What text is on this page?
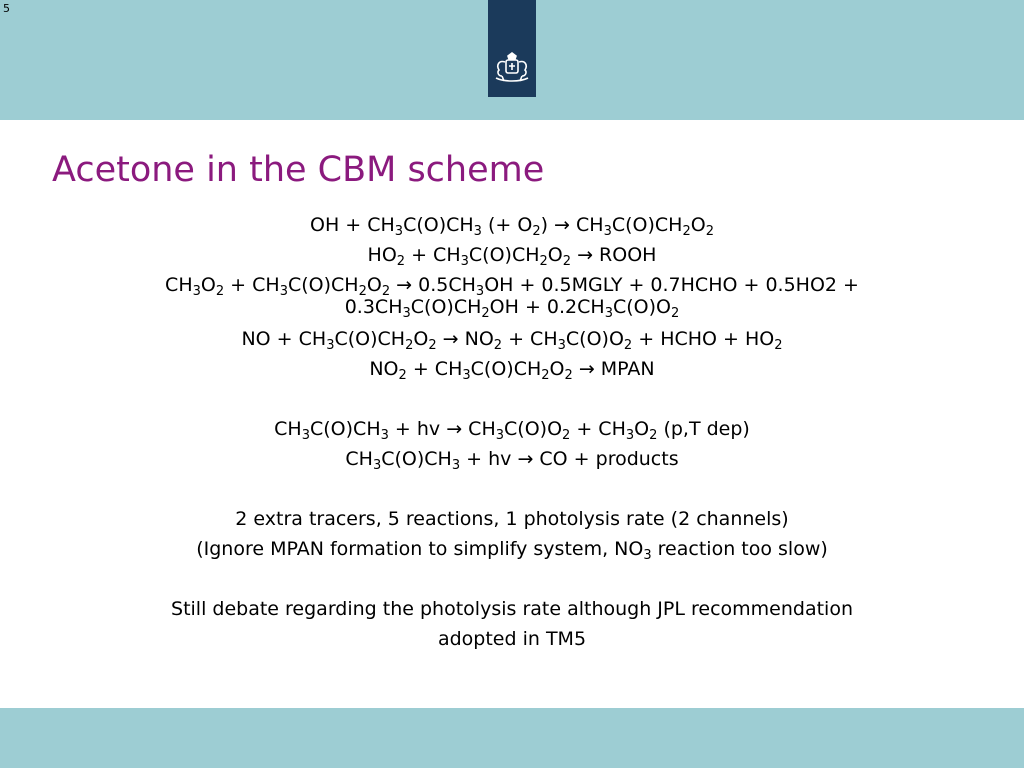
5
Acetone in the CBM scheme
OH + $CH_3C(O)CH_3$ (+ $O_2) \to CH_3C(O)CH_2O_2$
$HO_2 + CH_3C(O)CH_2O_2$ → ROOH
$CH_3O_2 + CH_3C(O)CH_2O_2 \to 0.5CH_3OH$ + 0.5MGLY + 0.7HCHO + 0.5HO2 +
$0.3CH_3C(O)CH_2OH + 0.2CH_3C(O)O_2$
NO + $CH_3C(O)CH_2O_2 \to NO_2 + CH_3C(O)O_2$ + HCHO + $HO_2$
$NO_2 + CH_3C(O)CH_2O_2$ → MPAN
$CH_3C(O)CH_3$ + hv → $CH_3C(O)O_2 + CH_3O_2$ (p,T dep)
$CH_3C(O)CH_3$ + hv → CO + products
2 extra tracers, 5 reactions, 1 photolysis rate (2 channels)
(Ignore MPAN formation to simplify system, $NO_3$ reaction too slow)
Still debate regarding the photolysis rate although JPL recommendation
adopted in TM5
